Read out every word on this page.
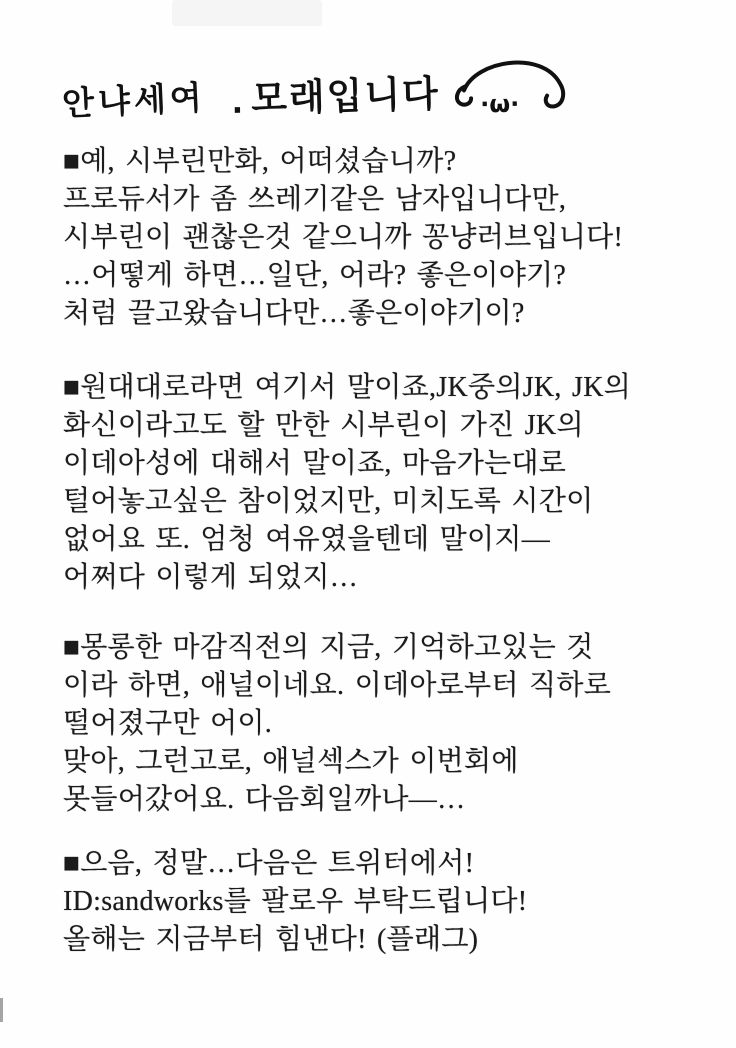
안냐세여 . 모래입니다 ·ω·
■예, 시부린만화, 어떠셨습니까?
프로듀서가 좀 쓰레기같은 남자입니다만,
시부린이 괜찮은것 같으니까 꽁냥러브입니다!
…어떻게 하면…일단, 어라? 좋은이야기?
처럼 끌고왔습니다만…좋은이야기이?
■원대대로라면 여기서 말이죠,JK중의JK, JK의
화신이라고도 할 만한 시부린이 가진 JK의
이데아성에 대해서 말이죠, 마음가는대로
털어놓고싶은 참이었지만, 미치도록 시간이
없어요 또. 엄청 여유였을텐데 말이지—
어쩌다 이렇게 되었지…
■몽롱한 마감직전의 지금, 기억하고있는 것
이라 하면, 애널이네요. 이데아로부터 직하로
떨어졌구만 어이.
맞아, 그런고로, 애널섹스가 이번회에
못들어갔어요. 다음회일까나—…
■으음, 정말…다음은 트위터에서!
ID:sandworks를 팔로우 부탁드립니다!
올해는 지금부터 힘낸다! (플래그)
